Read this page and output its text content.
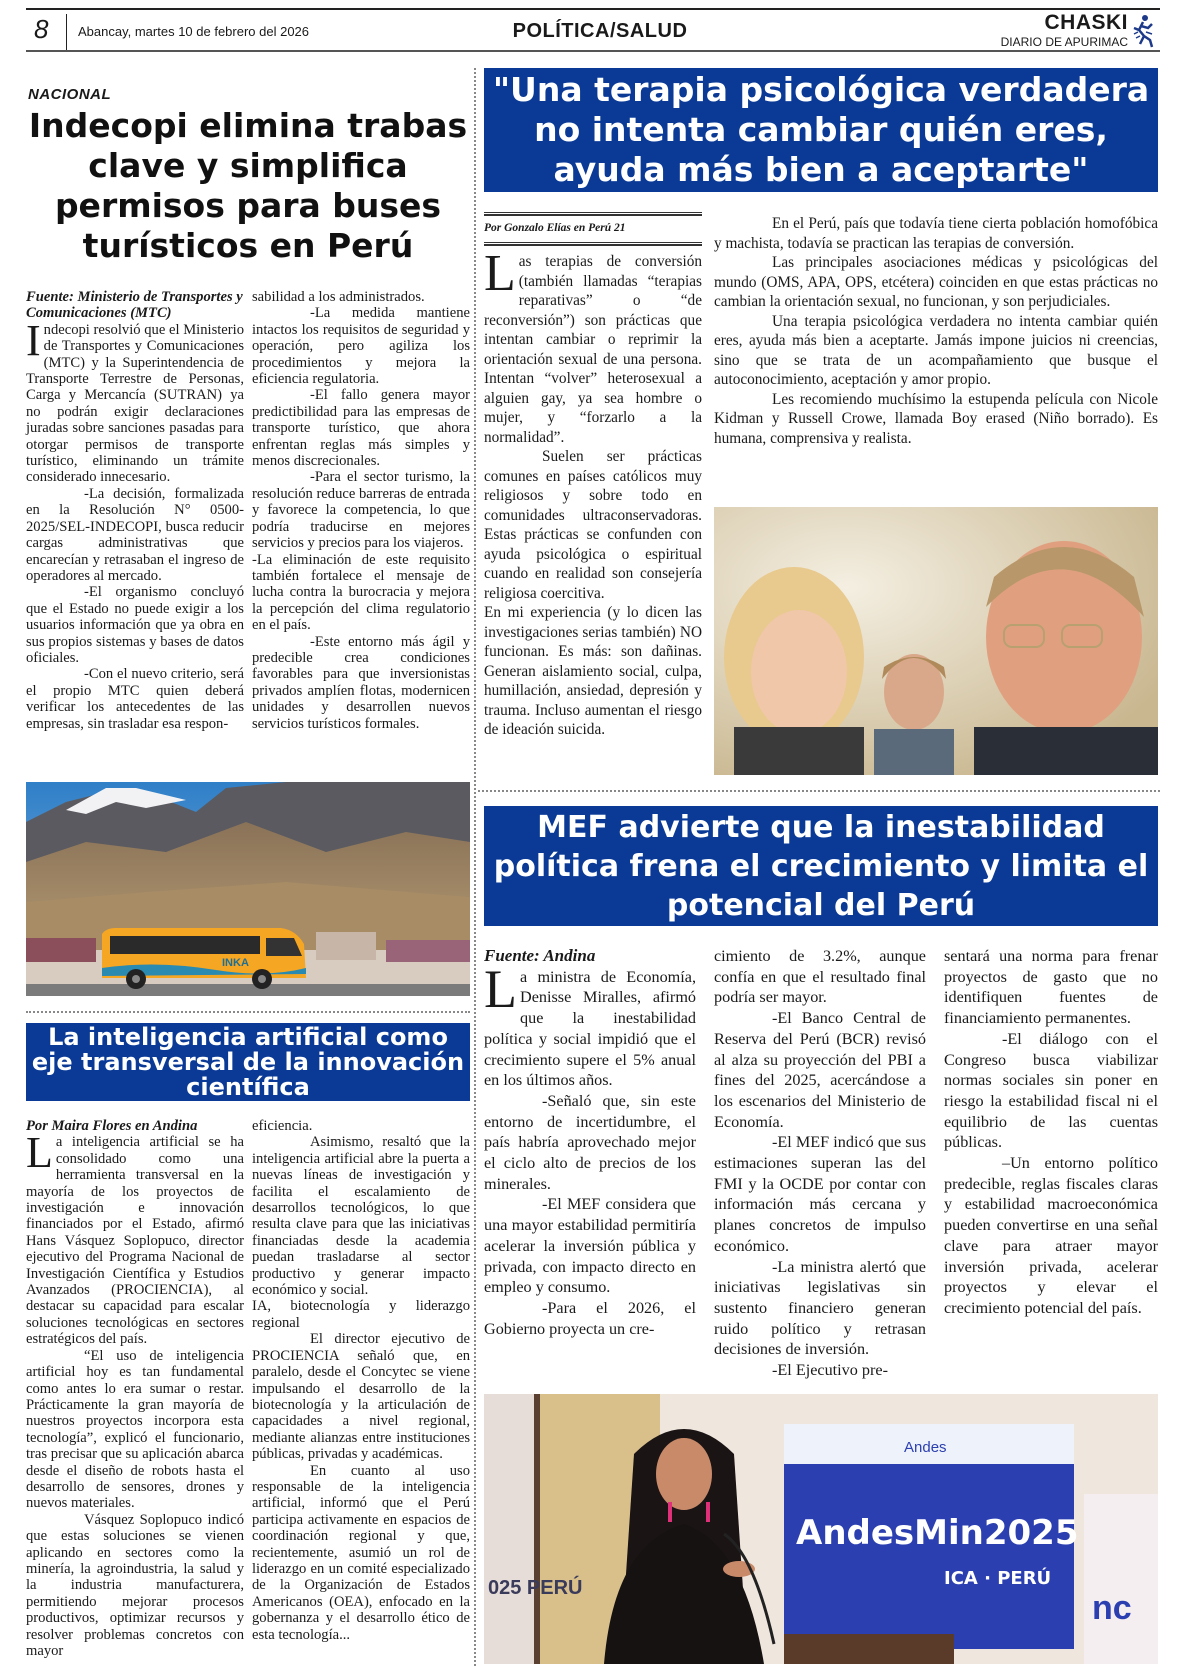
8 Abancay, martes 10 de febrero del 2026	POLÍTICA/SALUD	CHASKI
DIARIO DE APURIMAC
NACIONAL
Indecopi elimina trabas clave y simplifica permisos para buses turísticos en Perú

Fuente: Ministerio de Transportes y Comunicaciones (MTC)

Indecopi resolvió que el Ministerio de Transportes y Comunicaciones (MTC) y la Superintendencia de Transporte Terrestre de Personas, Carga y Mercancía (SUTRAN) ya no podrán exigir declaraciones juradas sobre sanciones pasadas para otorgar permisos de transporte turístico, eliminando un trámite considerado innecesario.

-La decisión, formalizada en la Resolución N° 0500-2025/SEL-INDECOPI, busca reducir cargas administrativas que encarecían y retrasaban el ingreso de operadores al mercado.

-El organismo concluyó que el Estado no puede exigir a los usuarios información que ya obra en sus propios sistemas y bases de datos oficiales.

-Con el nuevo criterio, será el propio MTC quien deberá verificar los antecedentes de las empresas, sin trasladar esa respon-

sabilidad a los administrados.

-La medida mantiene intactos los requisitos de seguridad y operación, pero agiliza los procedimientos y mejora la eficiencia regulatoria.

-El fallo genera mayor predictibilidad para las empresas de transporte turístico, que ahora enfrentan reglas más simples y menos discrecionales.

-Para el sector turismo, la resolución reduce barreras de entrada y favorece la competencia, lo que podría traducirse en mejores servicios y precios para los viajeros.

-La eliminación de este requisito también fortalece el mensaje de lucha contra la burocracia y mejora la percepción del clima regulatorio en el país.

-Este entorno más ágil y predecible crea condiciones favorables para que inversionistas privados amplíen flotas, modernicen unidades y desarrollen nuevos servicios turísticos formales.

INKA
"Una terapia psicológica verdadera no intenta cambiar quién eres, ayuda más bien a aceptarte"
Por Gonzalo Elías en Perú 21

Las terapias de conversión (también llamadas “terapias reparativas” o “de reconversión”) son prácticas que intentan cambiar o reprimir la orientación sexual de una persona. Intentan “volver” heterosexual a alguien gay, ya sea hombre o mujer, y “forzarlo a la normalidad”.

Suelen ser prácticas comunes en países católicos muy religiosos y sobre todo en comunidades ultraconservadoras. Estas prácticas se confunden con ayuda psicológica o espiritual cuando en realidad son consejería religiosa coercitiva.

En mi experiencia (y lo dicen las investigaciones serias también) NO funcionan. Es más: son dañinas. Generan aislamiento social, culpa, humillación, ansiedad, depresión y trauma. Incluso aumentan el riesgo de ideación suicida.

En el Perú, país que todavía tiene cierta población homofóbica y machista, todavía se practican las terapias de conversión.

Las principales asociaciones médicas y psicológicas del mundo (OMS, APA, OPS, etcétera) coinciden en que estas prácticas no cambian la orientación sexual, no funcionan, y son perjudiciales.

Una terapia psicológica verdadera no intenta cambiar quién eres, ayuda más bien a aceptarte. Jamás impone juicios ni creencias, sino que se trata de un acompañamiento que busque el autoconocimiento, aceptación y amor propio.

Les recomiendo muchísimo la estupenda película con Nicole Kidman y Russell Crowe, llamada Boy erased (Niño borrado). Es humana, comprensiva y realista.

MEF advierte que la inestabilidad política frena el crecimiento y limita el potencial del Perú

Fuente: Andina

La ministra de Economía, Denisse Miralles, afirmó que la inestabilidad política y social impidió que el crecimiento supere el 5% anual en los últimos años.

-Señaló que, sin este entorno de incertidumbre, el país habría aprovechado mejor el ciclo alto de precios de los minerales.

-El MEF considera que una mayor estabilidad permitiría acelerar la inversión pública y privada, con impacto directo en empleo y consumo.

-Para el 2026, el Gobierno proyecta un cre-

cimiento de 3.2%, aunque confía en que el resultado final podría ser mayor.

-El Banco Central de Reserva del Perú (BCR) revisó al alza su proyección del PBI a fines del 2025, acercándose a los escenarios del Ministerio de Economía.

-El MEF indicó que sus estimaciones superan las del FMI y la OCDE por contar con información más cercana y planes concretos de impulso económico.

-La ministra alertó que iniciativas legislativas sin sustento financiero generan ruido político y retrasan decisiones de inversión.

-El Ejecutivo pre-

sentará una norma para frenar proyectos de gasto que no identifiquen fuentes de financiamiento permanentes.

-El diálogo con el Congreso busca viabilizar normas sociales sin poner en riesgo la estabilidad fiscal ni el equilibrio de las cuentas públicas.

–Un entorno político predecible, reglas fiscales claras y estabilidad macroeconómica pueden convertirse en una señal clave para atraer mayor inversión privada, acelerar proyectos y elevar el crecimiento potencial del país.

Andes
AndesMin2025
ICA · PERÚ
025 PERÚ
nc
La inteligencia artificial como eje transversal de la innovación científica

Por Maira Flores en Andina

La inteligencia artificial se ha consolidado como una herramienta transversal en la mayoría de los proyectos de investigación e innovación financiados por el Estado, afirmó Hans Vásquez Soplopuco, director ejecutivo del Programa Nacional de Investigación Científica y Estudios Avanzados (PROCIENCIA), al destacar su capacidad para escalar soluciones tecnológicas en sectores estratégicos del país.

“El uso de inteligencia artificial hoy es tan fundamental como antes lo era sumar o restar. Prácticamente la gran mayoría de nuestros proyectos incorpora esta tecnología”, explicó el funcionario, tras precisar que su aplicación abarca desde el diseño de robots hasta el desarrollo de sensores, drones y nuevos materiales.

Vásquez Soplopuco indicó que estas soluciones se vienen aplicando en sectores como la minería, la agroindustria, la salud y la industria manufacturera, permitiendo mejorar procesos productivos, optimizar recursos y resolver problemas concretos con mayor

eficiencia.

Asimismo, resaltó que la inteligencia artificial abre la puerta a nuevas líneas de investigación y facilita el escalamiento de desarrollos tecnológicos, lo que resulta clave para que las iniciativas financiadas desde la academia puedan trasladarse al sector productivo y generar impacto económico y social.

IA, biotecnología y liderazgo regional

El director ejecutivo de PROCIENCIA señaló que, en paralelo, desde el Concytec se viene impulsando el desarrollo de la biotecnología y la articulación de capacidades a nivel regional, mediante alianzas entre instituciones públicas, privadas y académicas.

En cuanto al uso responsable de la inteligencia artificial, informó que el Perú participa activamente en espacios de coordinación regional y que, recientemente, asumió un rol de liderazgo en un comité especializado de la Organización de Estados Americanos (OEA), enfocado en la gobernanza y el desarrollo ético de esta tecnología...
